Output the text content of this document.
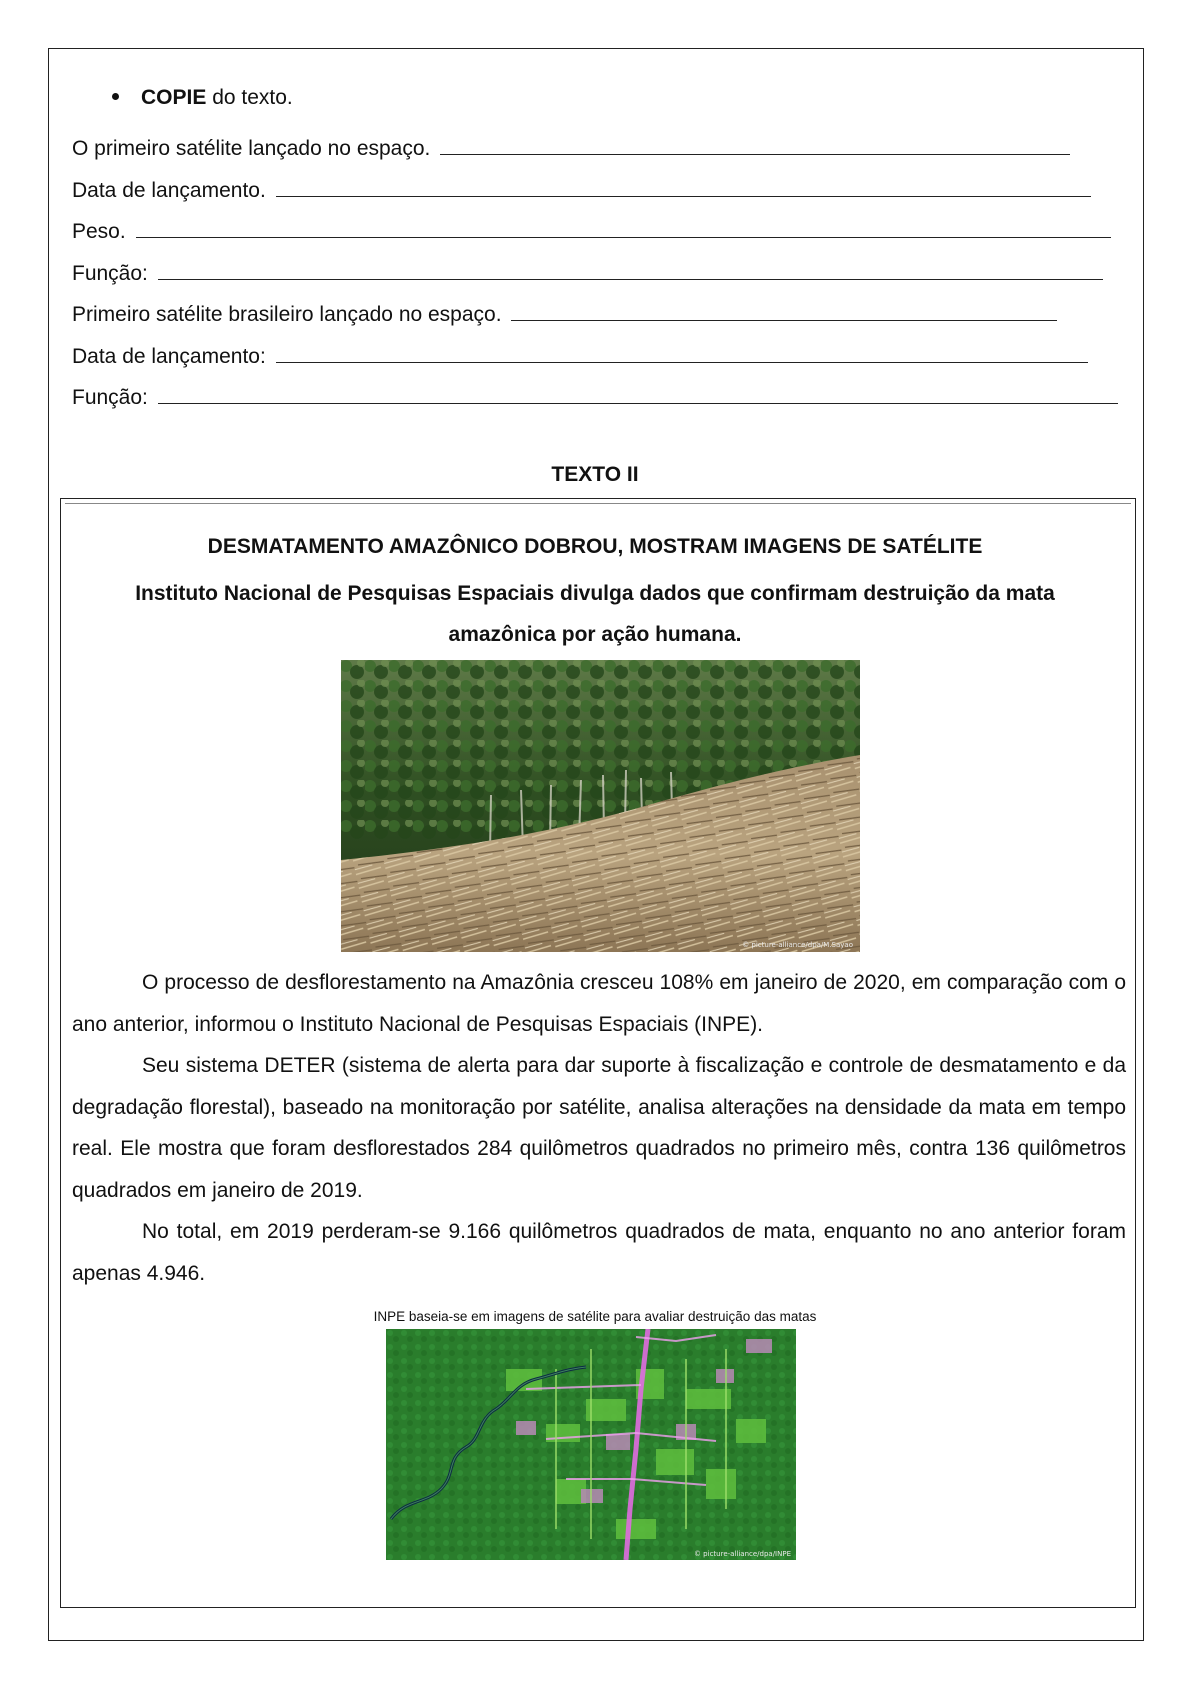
COPIE do texto.
O primeiro satélite lançado no espaço.
Data de lançamento.
Peso.
Função:
Primeiro satélite brasileiro lançado no espaço.
Data de lançamento:
Função:
TEXTO II
DESMATAMENTO AMAZÔNICO DOBROU, MOSTRAM IMAGENS DE SATÉLITE
Instituto Nacional de Pesquisas Espaciais divulga dados que confirmam destruição da mata amazônica por ação humana.
© picture-alliance/dpa/M.Sayao
O processo de desflorestamento na Amazônia cresceu 108% em janeiro de 2020, em comparação com o ano anterior, informou o Instituto Nacional de Pesquisas Espaciais (INPE).
Seu sistema DETER (sistema de alerta para dar suporte à fiscalização e controle de desmatamento e da degradação florestal), baseado na monitoração por satélite, analisa alterações na densidade da mata em tempo real. Ele mostra que foram desflorestados 284 quilômetros quadrados no primeiro mês, contra 136 quilômetros quadrados em janeiro de 2019.
No total, em 2019 perderam-se 9.166 quilômetros quadrados de mata, enquanto no ano anterior foram apenas 4.946.
INPE baseia-se em imagens de satélite para avaliar destruição das matas
© picture-alliance/dpa/INPE
